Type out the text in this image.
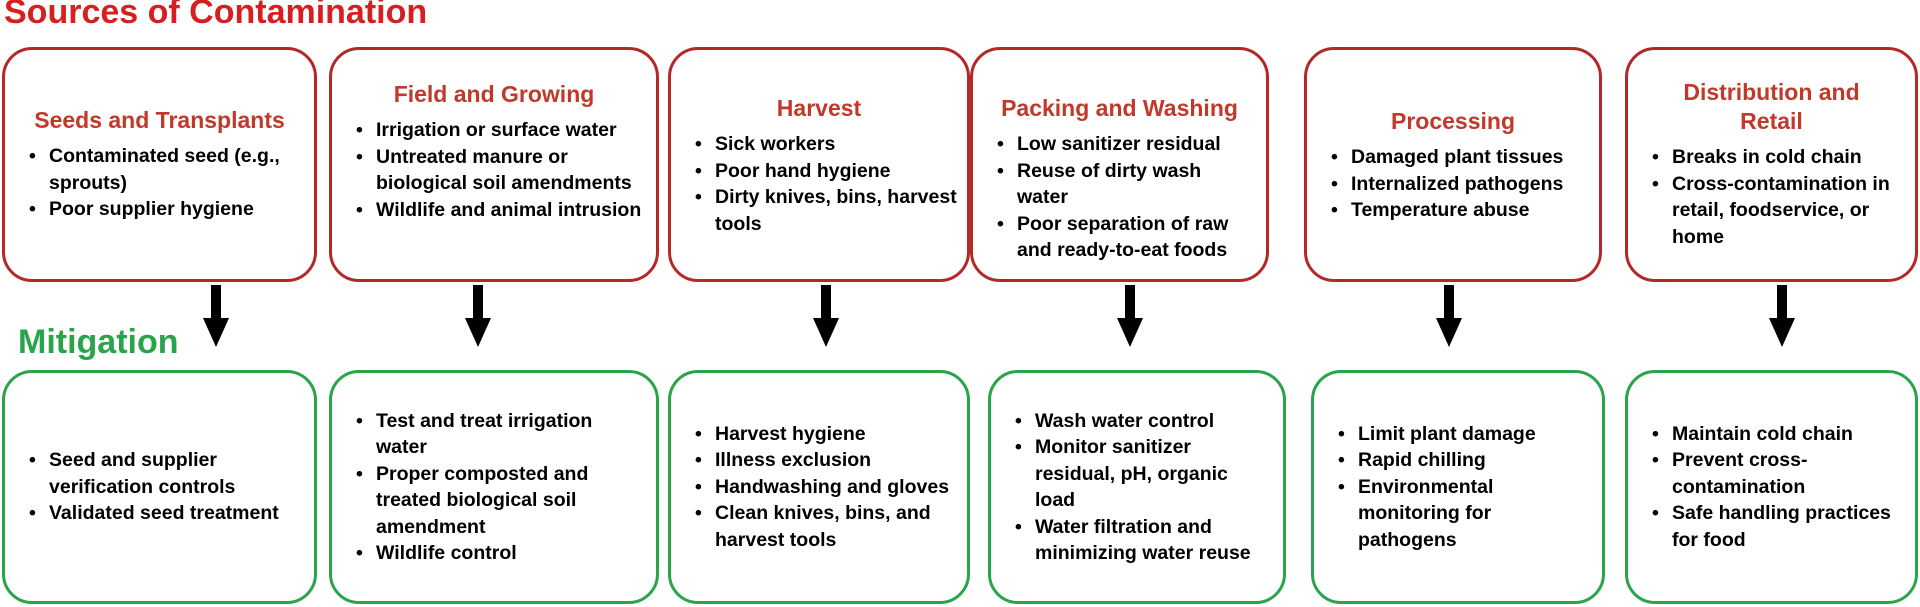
Sources of Contamination
Mitigation
Seeds and Transplants
• Contaminated seed (e.g., sprouts)
• Poor supplier hygiene
Field and Growing
• Irrigation or surface water
• Untreated manure or biological soil amendments
• Wildlife and animal intrusion
Harvest
• Sick workers
• Poor hand hygiene
• Dirty knives, bins, harvest tools
Packing and Washing
• Low sanitizer residual
• Reuse of dirty wash water
• Poor separation of raw and ready-to-eat foods
Processing
• Damaged plant tissues
• Internalized pathogens
• Temperature abuse
Distribution and Retail
• Breaks in cold chain
• Cross-contamination in retail, foodservice, or home
• Seed and supplier verification controls
• Validated seed treatment
• Test and treat irrigation water
• Proper composted and treated biological soil amendment
• Wildlife control
• Harvest hygiene
• Illness exclusion
• Handwashing and gloves
• Clean knives, bins, and harvest tools
• Wash water control
• Monitor sanitizer residual, pH, organic load
• Water filtration and minimizing water reuse
• Limit plant damage
• Rapid chilling
• Environmental monitoring for pathogens
• Maintain cold chain
• Prevent cross-contamination
• Safe handling practices for food
